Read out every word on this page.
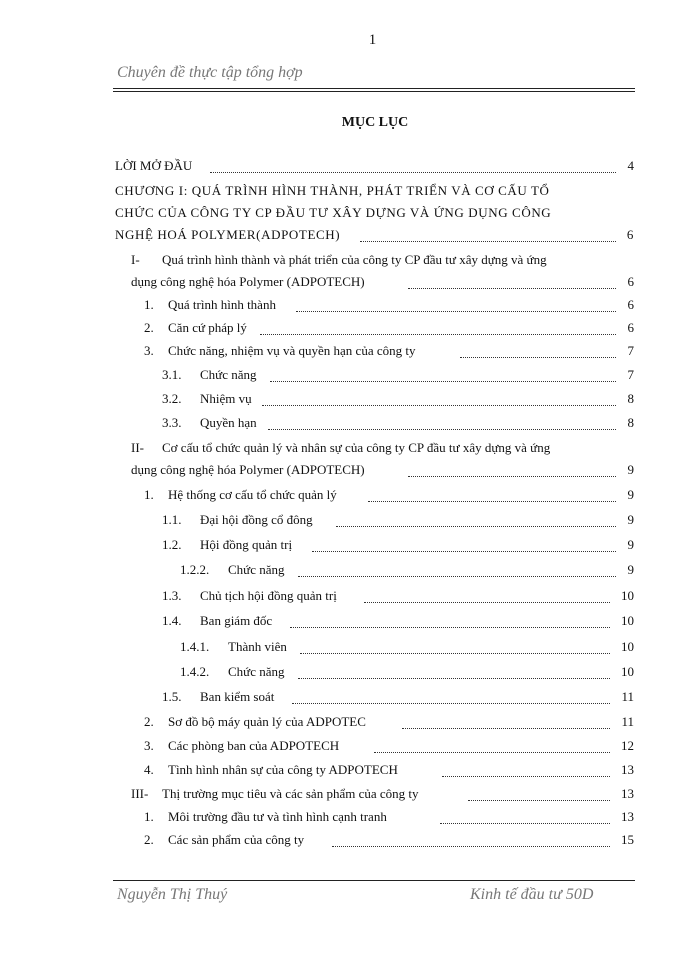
1
Chuyên đề thực tập tổng hợp
MỤC LỤC
LỜI MỞ ĐẦU	4
CHƯƠNG I: QUÁ TRÌNH HÌNH THÀNH, PHÁT TRIỂN VÀ CƠ CẤU TỔ
CHỨC CỦA CÔNG TY CP ĐẦU TƯ XÂY DỰNG VÀ ỨNG DỤNG CÔNG
NGHỆ HOÁ POLYMER(ADPOTECH)	6
I- Quá trình hình thành và phát triển của công ty CP đầu tư xây dựng và ứng
dụng công nghệ hóa Polymer (ADPOTECH)	6
1. Quá trình hình thành	6
2. Căn cứ pháp lý	6
3. Chức năng, nhiệm vụ và quyền hạn của công ty	7
3.1. Chức năng	7
3.2. Nhiệm vụ	8
3.3. Quyền hạn	8
II- Cơ cấu tổ chức quản lý và nhân sự của công ty CP đầu tư xây dựng và ứng
dụng công nghệ hóa Polymer (ADPOTECH)	9
1. Hệ thống cơ cấu tổ chức quản lý	9
1.1. Đại hội đồng cổ đông	9
1.2. Hội đồng quản trị	9
1.2.2. Chức năng	9
1.3. Chủ tịch hội đồng quản trị	10
1.4. Ban giám đốc	10
1.4.1. Thành viên	10
1.4.2. Chức năng	10
1.5. Ban kiểm soát	11
2. Sơ đồ bộ máy quản lý của ADPOTEC	11
3. Các phòng ban của ADPOTECH	12
4. Tình hình nhân sự của công ty ADPOTECH	13
III- Thị trường mục tiêu và các sản phẩm của công ty	13
1. Môi trường đầu tư và tình hình cạnh tranh	13
2. Các sản phẩm của công ty	15
Nguyễn Thị Thuý	Kinh tế đầu tư 50D
